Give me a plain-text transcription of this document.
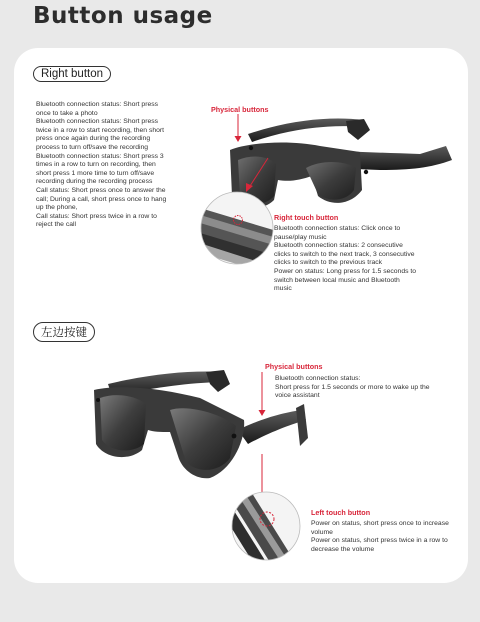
Button usage
Right button
Bluetooth connection status: Short press
once to take a photo
Bluetooth connection status: Short press
twice in a row to start recording, then short
press once again during the recording
process to turn off/save the recording
Bluetooth connection status: Short press 3
times in a row to turn on recording, then
short press 1 more time to turn off/save
recording during the recording process
Call status: Short press once to answer the
call; During a call, short press once to hang
up the phone,
Call status: Short press twice in a row to
reject the call
Physical buttons
Right touch button
Bluetooth connection status: Click once to
pause/play music
Bluetooth connection status: 2 consecutive
clicks to switch to the next track, 3 consecutive
clicks to switch to the previous track
Power on status: Long press for 1.5 seconds to
switch between local music and Bluetooth
music
左边按键
Physical buttons
Bluetooth connection status:
Short press for 1.5 seconds or more to wake up the
voice assistant
Left touch button
Power on status, short press once to increase
volume
Power on status, short press twice in a row to
decrease the volume
